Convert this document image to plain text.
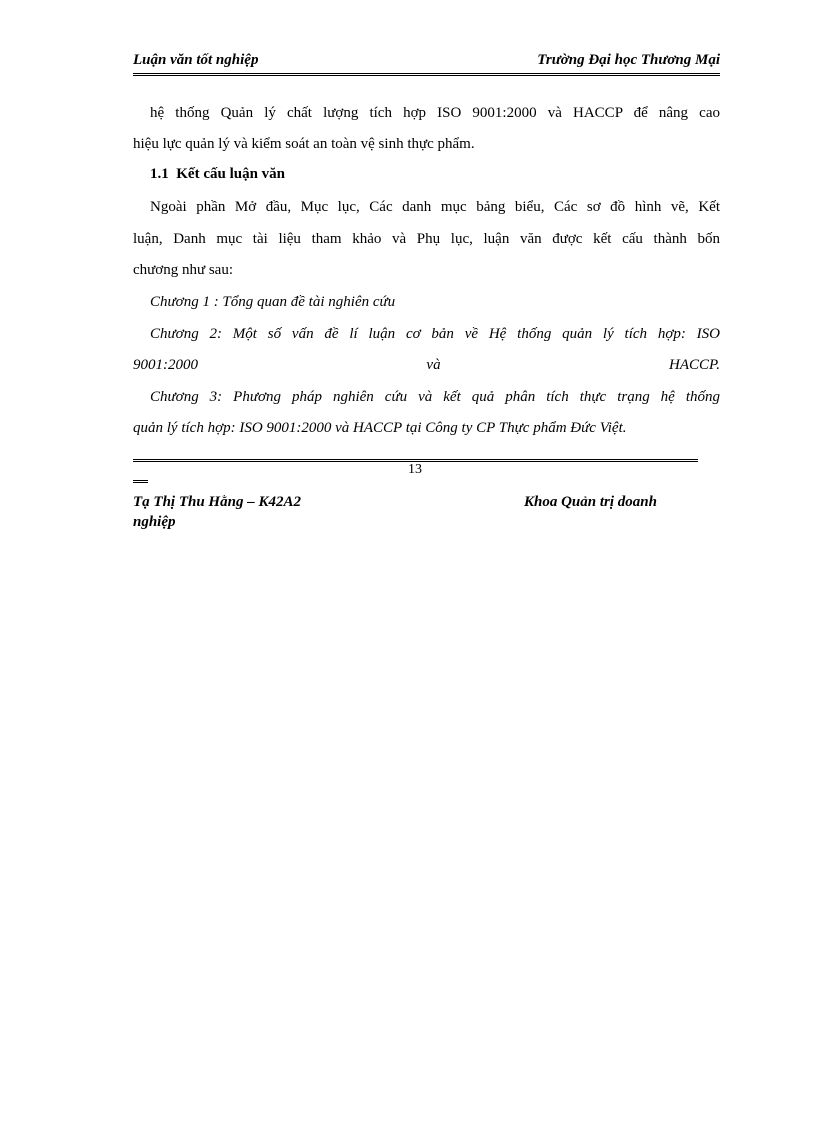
Luận văn tốt nghiệp	Trường Đại học Thương Mại
hệ thống Quản lý chất lượng tích hợp ISO 9001:2000 và HACCP để nâng cao
hiệu lực quản lý và kiểm soát an toàn vệ sinh thực phẩm.
1.1 Kết cấu luận văn
Ngoài phần Mở đầu, Mục lục, Các danh mục bảng biểu, Các sơ đồ hình vẽ, Kết
luận, Danh mục tài liệu tham khảo và Phụ lục, luận văn được kết cấu thành bốn
chương như sau:
Chương 1 : Tổng quan đề tài nghiên cứu
Chương 2: Một số vấn đề lí luận cơ bản về Hệ thống quản lý tích hợp: ISO
9001:2000 và HACCP.
Chương 3: Phương pháp nghiên cứu và kết quả phân tích thực trạng hệ thống
quản lý tích hợp: ISO 9001:2000 và HACCP tại Công ty CP Thực phẩm Đức Việt.
13
Tạ Thị Thu Hằng – K42A2	Khoa Quản trị doanh
nghiệp
